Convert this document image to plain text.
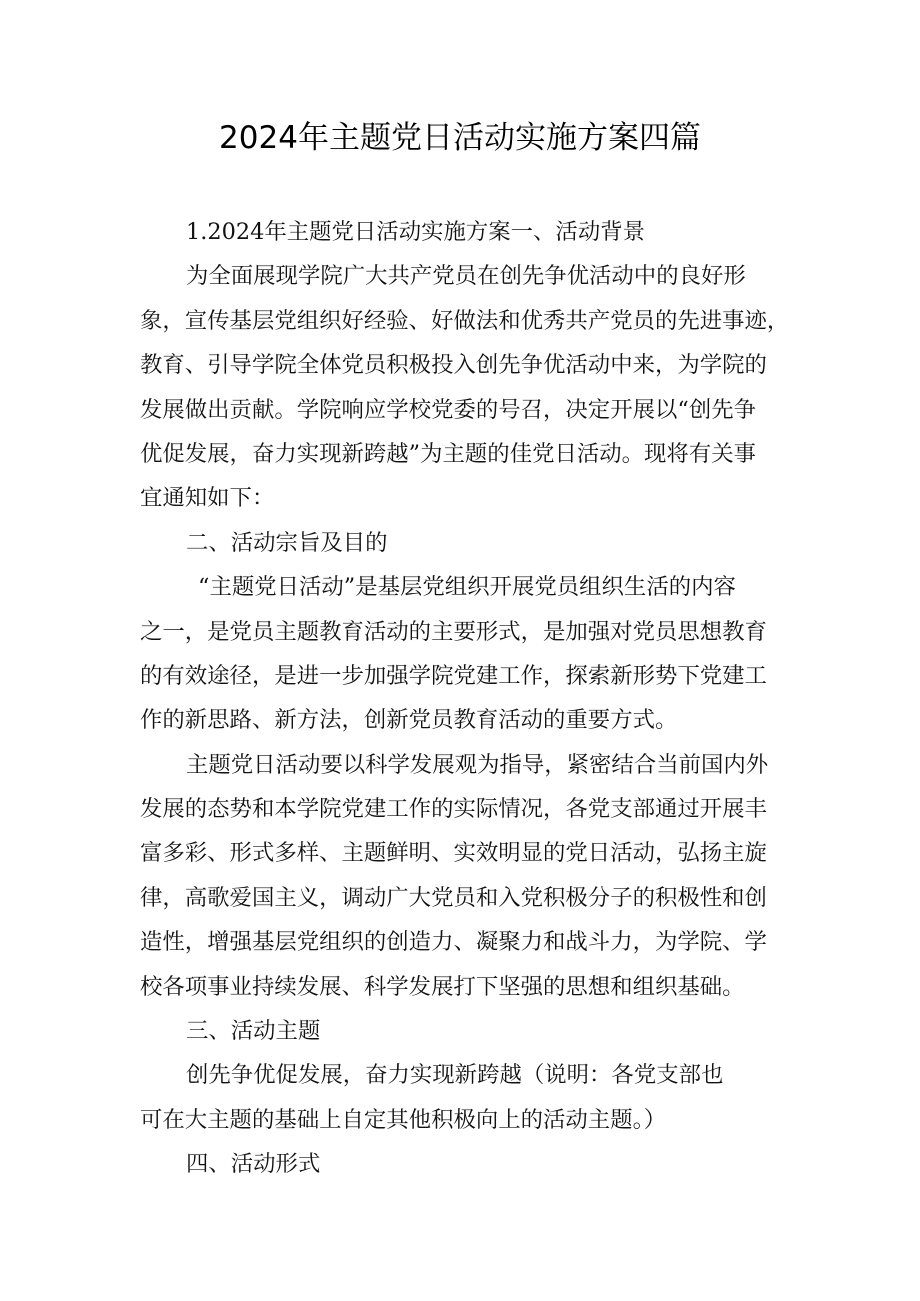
2024年主题党日活动实施方案四篇
1.2024年主题党日活动实施方案一、活动背景
为全面展现学院广大共产党员在创先争优活动中的良好形
象，宣传基层党组织好经验、好做法和优秀共产党员的先进事迹，
教育、引导学院全体党员积极投入创先争优活动中来，为学院的
发展做出贡献。学院响应学校党委的号召，决定开展以“创先争
优促发展，奋力实现新跨越”为主题的佳党日活动。现将有关事
宜通知如下：
二、活动宗旨及目的
“主题党日活动”是基层党组织开展党员组织生活的内容
之一，是党员主题教育活动的主要形式，是加强对党员思想教育
的有效途径，是进一步加强学院党建工作，探索新形势下党建工
作的新思路、新方法，创新党员教育活动的重要方式。
主题党日活动要以科学发展观为指导，紧密结合当前国内外
发展的态势和本学院党建工作的实际情况，各党支部通过开展丰
富多彩、形式多样、主题鲜明、实效明显的党日活动，弘扬主旋
律，高歌爱国主义，调动广大党员和入党积极分子的积极性和创
造性，增强基层党组织的创造力、凝聚力和战斗力，为学院、学
校各项事业持续发展、科学发展打下坚强的思想和组织基础。
三、活动主题
创先争优促发展，奋力实现新跨越（说明：各党支部也
可在大主题的基础上自定其他积极向上的活动主题。）
四、活动形式
